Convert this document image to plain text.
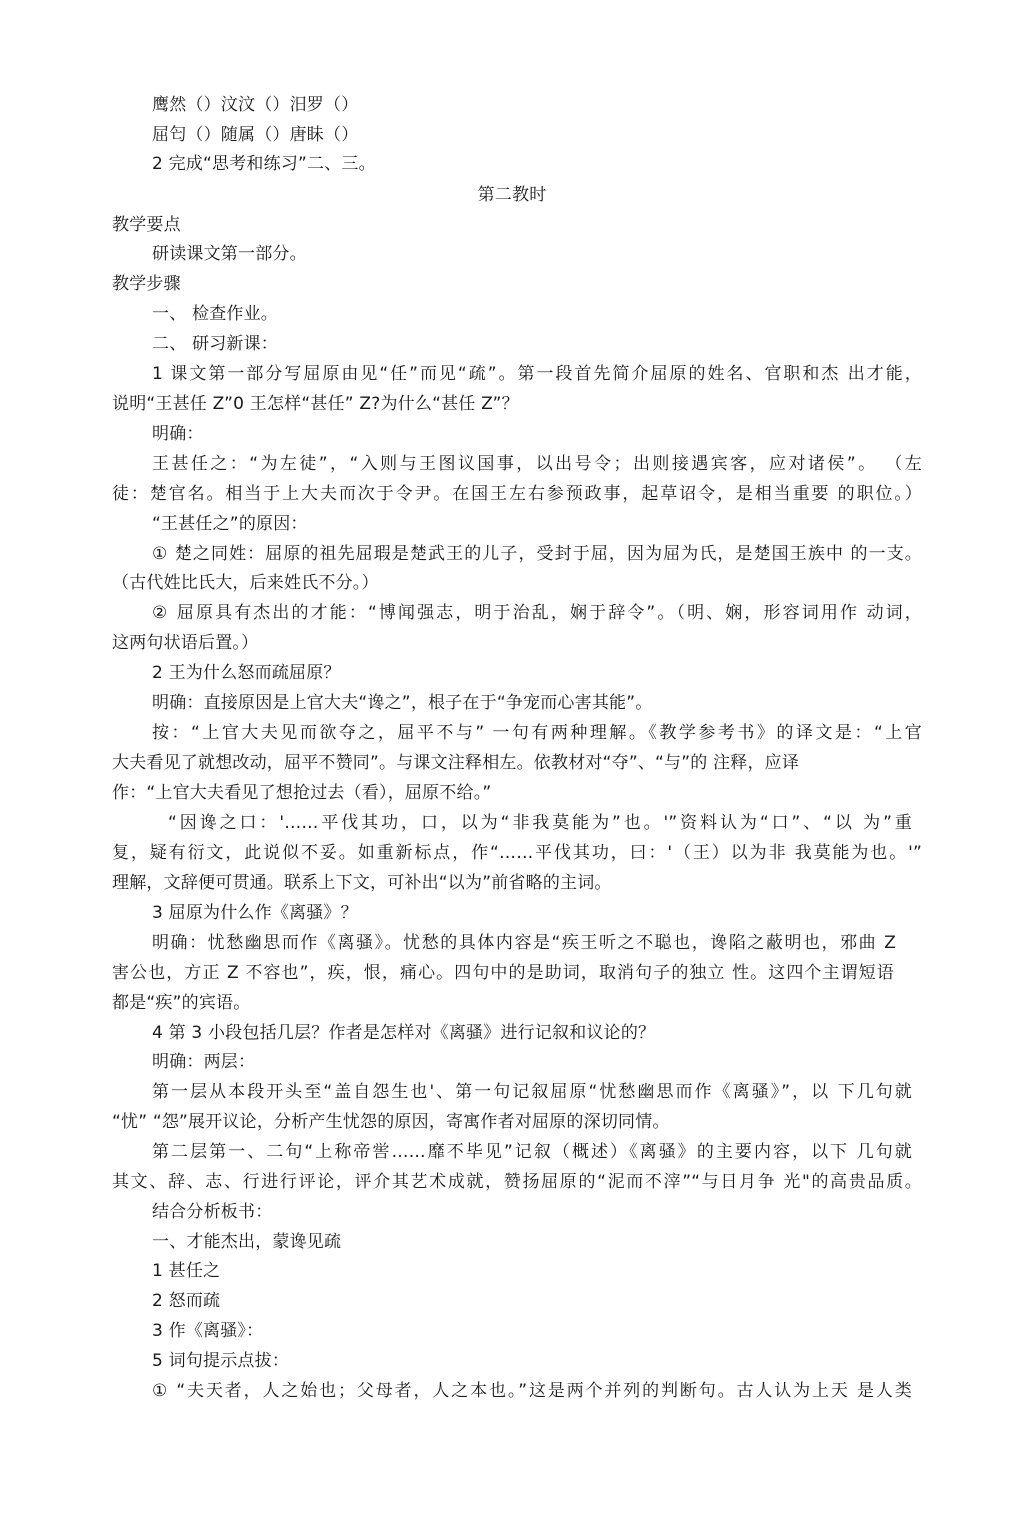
鹰然（）汶汶（）汨罗（）
屈匄（）随属（）唐眛（）
2 完成“思考和练习”二、三。
第二教时
教学要点
研读课文第一部分。
教学步骤
一、 检查作业。
二、 研习新课：
1 课文第一部分写屈原由见“任”而见“疏”。第一段首先简介屈原的姓名、官职和杰 出才能，
说明“王甚任 Z”0 王怎样“甚任” Z?为什么“甚任 Z”？
明确：
王甚任之：“为左徒”，“入则与王图议国事，以出号令；出则接遇宾客，应对诸侯”。 （左
徒：楚官名。相当于上大夫而次于令尹。在国王左右参预政事，起草诏令，是相当重要 的职位。）
“王甚任之”的原因：
① 楚之同姓：屈原的祖先屈瑕是楚武王的儿子，受封于屈，因为屈为氏，是楚国王族中 的一支。
（古代姓比氏大，后来姓氏不分。）
② 屈原具有杰出的才能：“博闻强志，明于治乱，娴于辞令”。（明、娴，形容词用作 动词，
这两句状语后置。）
2 王为什么怒而疏屈原？
明确：直接原因是上官大夫“谗之”，根子在于“争宠而心害其能”。
按：“上官大夫见而欲夺之，屈平不与” 一句有两种理解。《教学参考书》的译文是：“上官
大夫看见了就想改动，屈平不赞同”。与课文注释相左。依教材对“夺”、“与”的 注释，应译
作：“上官大夫看见了想抢过去（看），屈原不给。”
“因谗之口：'……平伐其功，口，以为“非我莫能为”也。'”资料认为“口”、“以 为”重
复，疑有衍文，此说似不妥。如重新标点，作“……平伐其功，曰：'（王）以为非 我莫能为也。'”
理解，文辞便可贯通。联系上下文，可补出“以为”前省略的主词。
3 屈原为什么作《离骚》？
明确：忧愁幽思而作《离骚》。忧愁的具体内容是“疾王听之不聪也，谗陷之蔽明也，邪曲 Z
害公也，方正 Z 不容也”，疾，恨，痛心。四句中的是助词，取消句子的独立 性。这四个主谓短语
都是“疾”的宾语。
4 第 3 小段包括几层？作者是怎样对《离骚》进行记叙和议论的？
明确：两层：
第一层从本段开头至“盖自怨生也'、第一句记叙屈原“忧愁幽思而作《离骚》”，以 下几句就
“忧” “怨”展开议论，分析产生忧怨的原因，寄寓作者对屈原的深切同情。
第二层第一、二句“上称帝喾……靡不毕见”记叙（概述）《离骚》的主要内容，以下 几句就
其文、辞、志、行进行评论，评介其艺术成就，赞扬屈原的“泥而不滓”“与日月争 光"的高贵品质。
结合分析板书：
一、才能杰出，蒙谗见疏
1 甚任之
2 怒而疏
3 作《离骚》：
5 词句提示点拔：
① “夫天者，人之始也；父母者，人之本也。”这是两个并列的判断句。古人认为上天 是人类
